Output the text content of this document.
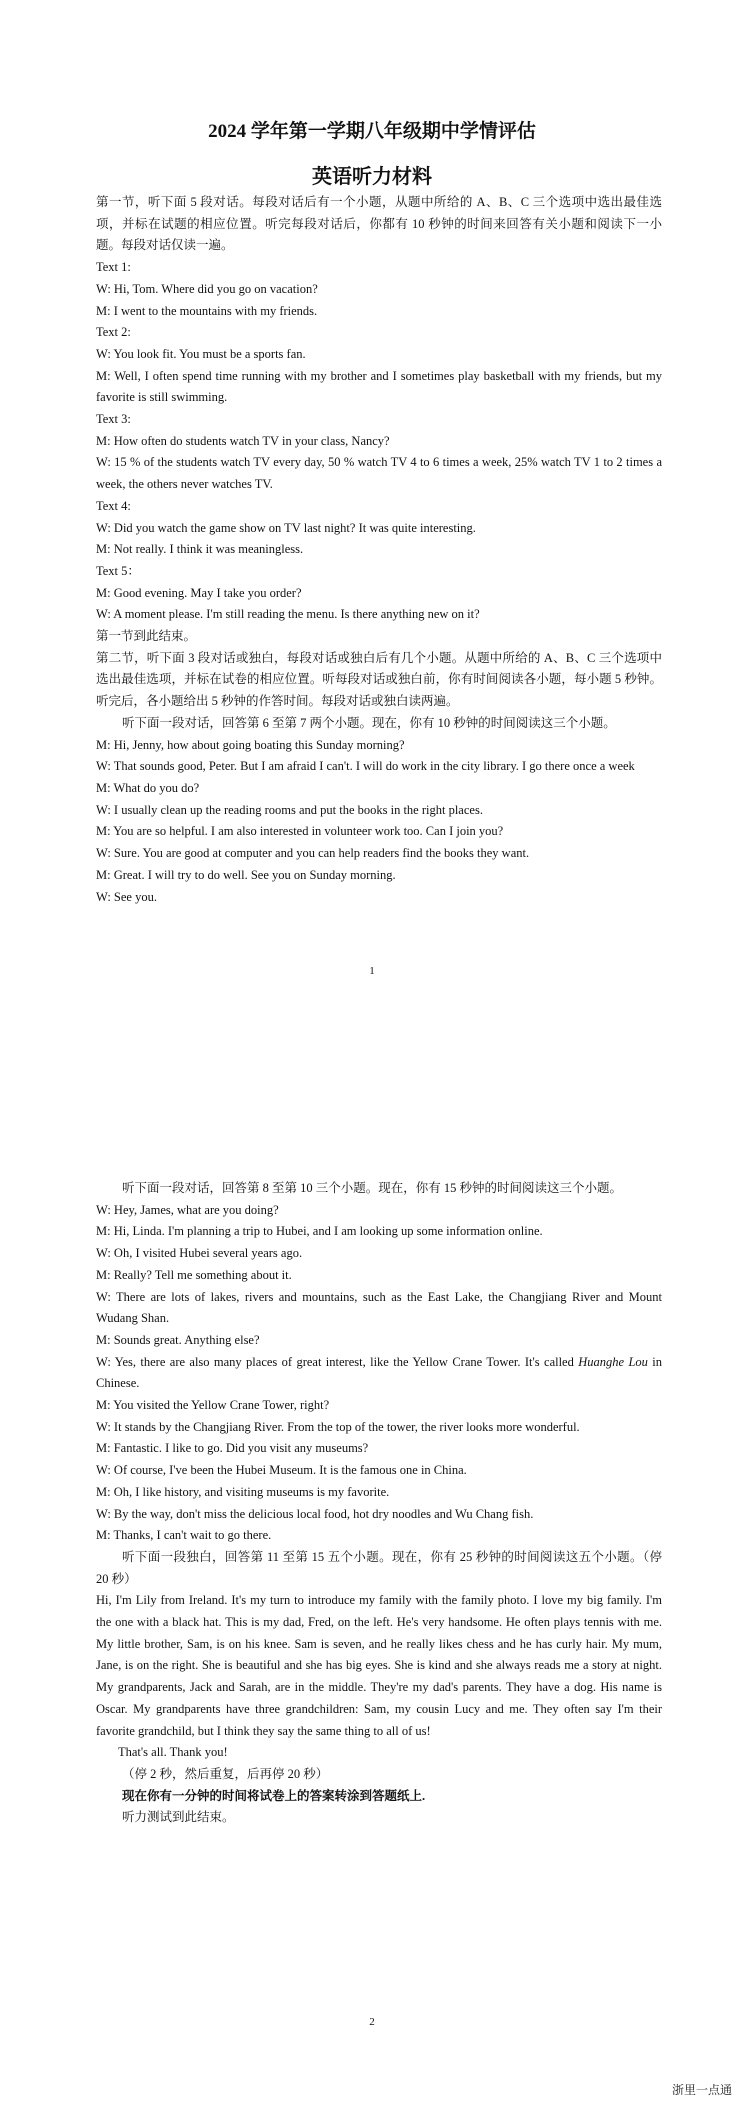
2024 学年第一学期八年级期中学情评估
英语听力材料

第一节，听下面 5 段对话。每段对话后有一个小题，从题中所给的 A、B、C 三个选项中选出最佳选项，并标在试题的相应位置。听完每段对话后，你都有 10 秒钟的时间来回答有关小题和阅读下一小题。每段对话仅读一遍。

Text 1:

W: Hi, Tom. Where did you go on vacation?

M: I went to the mountains with my friends.

Text 2:

W: You look fit. You must be a sports fan.

M: Well, I often spend time running with my brother and I sometimes play basketball with my friends, but my favorite is still swimming.

Text 3:

M: How often do students watch TV in your class, Nancy?

W: 15 % of the students watch TV every day, 50 % watch TV 4 to 6 times a week, 25% watch TV 1 to 2 times a week, the others never watches TV.

Text 4:

W: Did you watch the game show on TV last night? It was quite interesting.

M: Not really. I think it was meaningless.

Text 5：

M: Good evening. May I take you order?

W: A moment please. I'm still reading the menu. Is there anything new on it?

第一节到此结束。

第二节，听下面 3 段对话或独白，每段对话或独白后有几个小题。从题中所给的 A、B、C 三个选项中选出最佳选项，并标在试卷的相应位置。听每段对话或独白前，你有时间阅读各小题，每小题 5 秒钟。听完后，各小题给出 5 秒钟的作答时间。每段对话或独白读两遍。

听下面一段对话，回答第 6 至第 7 两个小题。现在，你有 10 秒钟的时间阅读这三个小题。

M: Hi, Jenny, how about going boating this Sunday morning?

W: That sounds good, Peter. But I am afraid I can't. I will do work in the city library. I go there once a week

M: What do you do?

W: I usually clean up the reading rooms and put the books in the right places.

M: You are so helpful. I am also interested in volunteer work too. Can I join you?

W: Sure. You are good at computer and you can help readers find the books they want.

M: Great. I will try to do well. See you on Sunday morning.

W: See you.

1

听下面一段对话，回答第 8 至第 10 三个小题。现在，你有 15 秒钟的时间阅读这三个小题。

W: Hey, James, what are you doing?

M: Hi, Linda. I'm planning a trip to Hubei, and I am looking up some information online.

W: Oh, I visited Hubei several years ago.

M: Really? Tell me something about it.

W: There are lots of lakes, rivers and mountains, such as the East Lake, the Changjiang River and Mount Wudang Shan.

M: Sounds great. Anything else?

W: Yes, there are also many places of great interest, like the Yellow Crane Tower. It's called Huanghe Lou in Chinese.

M: You visited the Yellow Crane Tower, right?

W: It stands by the Changjiang River. From the top of the tower, the river looks more wonderful.

M: Fantastic. I like to go. Did you visit any museums?

W: Of course, I've been the Hubei Museum. It is the famous one in China.

M: Oh, I like history, and visiting museums is my favorite.

W: By the way, don't miss the delicious local food, hot dry noodles and Wu Chang fish.

M: Thanks, I can't wait to go there.

听下面一段独白，回答第 11 至第 15 五个小题。现在，你有 25 秒钟的时间阅读这五个小题。（停 20 秒）

Hi, I'm Lily from Ireland. It's my turn to introduce my family with the family photo. I love my big family. I'm the one with a black hat. This is my dad, Fred, on the left. He's very handsome. He often plays tennis with me. My little brother, Sam, is on his knee. Sam is seven, and he really likes chess and he has curly hair. My mum, Jane, is on the right. She is beautiful and she has big eyes. She is kind and she always reads me a story at night. My grandparents, Jack and Sarah, are in the middle. They're my dad's parents. They have a dog. His name is Oscar. My grandparents have three grandchildren: Sam, my cousin Lucy and me. They often say I'm their favorite grandchild, but I think they say the same thing to all of us!

That's all. Thank you!

（停 2 秒，然后重复，后再停 20 秒）

现在你有一分钟的时间将试卷上的答案转涂到答题纸上.

听力测试到此结束。

2
浙里一点通
